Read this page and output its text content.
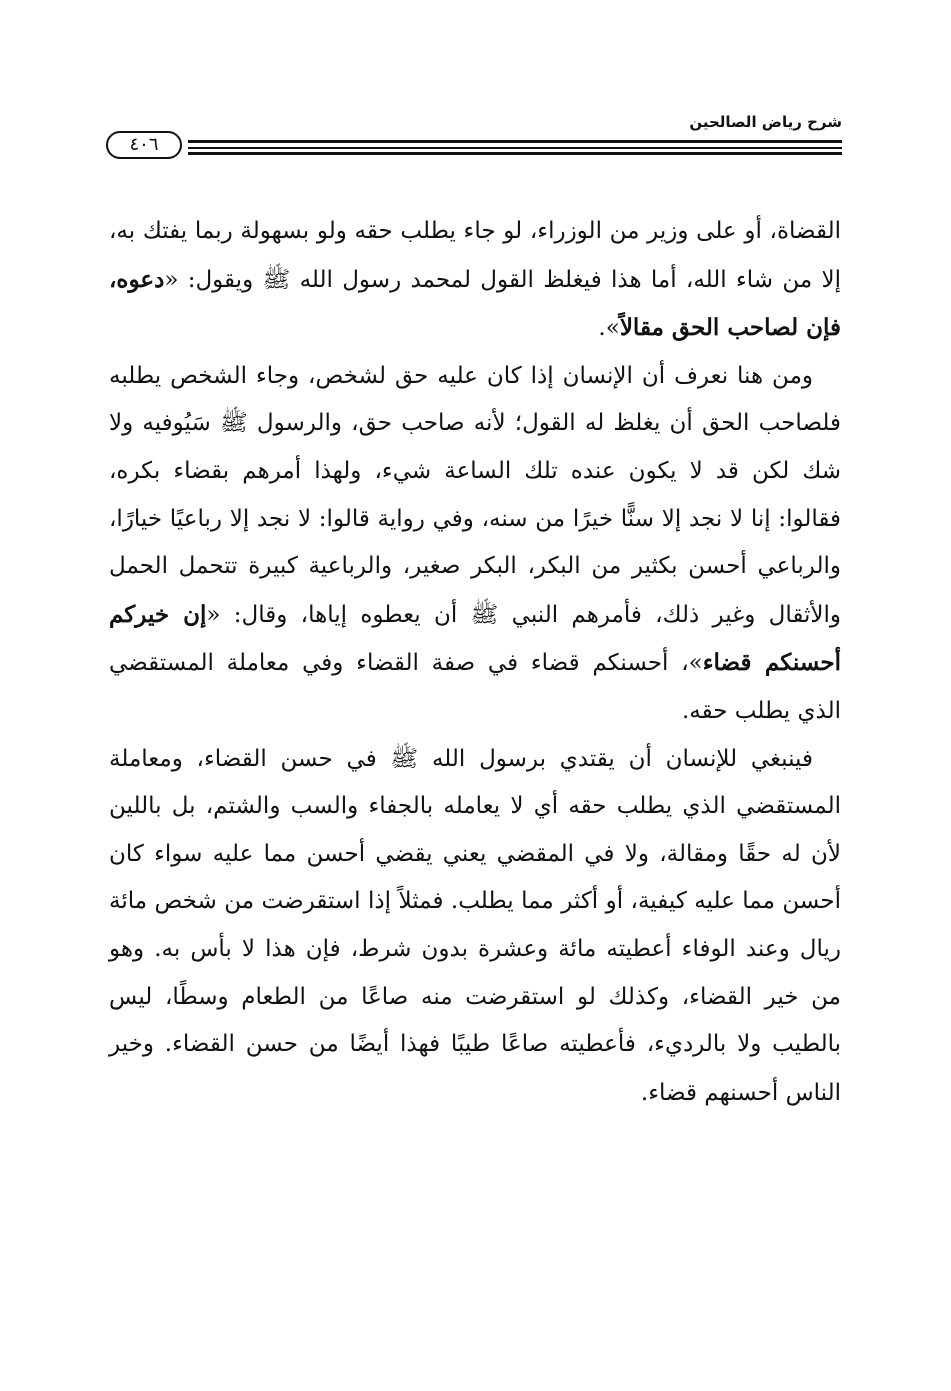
شرح رياض الصالحين
٤٠٦

القضاة، أو على وزير من الوزراء، لو جاء يطلب حقه ولو بسهولة ربما يفتك به، إلا من شاء الله، أما هذا فيغلظ القول لمحمد رسول الله ﷺ ويقول: «دعوه، فإن لصاحب الحق مقالاً».

ومن هنا نعرف أن الإنسان إذا كان عليه حق لشخص، وجاء الشخص يطلبه فلصاحب الحق أن يغلظ له القول؛ لأنه صاحب حق، والرسول ﷺ سَيُوفيه ولا شك لكن قد لا يكون عنده تلك الساعة شيء، ولهذا أمرهم بقضاء بكره، فقالوا: إنا لا نجد إلا سنًّا خيرًا من سنه، وفي رواية قالوا: لا نجد إلا رباعيًا خيارًا، والرباعي أحسن بكثير من البكر، البكر صغير، والرباعية كبيرة تتحمل الحمل والأثقال وغير ذلك، فأمرهم النبي ﷺ أن يعطوه إياها، وقال: «إن خيركم أحسنكم قضاء»، أحسنكم قضاء في صفة القضاء وفي معاملة المستقضي الذي يطلب حقه.

فينبغي للإنسان أن يقتدي برسول الله ﷺ في حسن القضاء، ومعاملة المستقضي الذي يطلب حقه أي لا يعامله بالجفاء والسب والشتم، بل باللين لأن له حقًا ومقالة، ولا في المقضي يعني يقضي أحسن مما عليه سواء كان أحسن مما عليه كيفية، أو أكثر مما يطلب. فمثلاً إذا استقرضت من شخص مائة ريال وعند الوفاء أعطيته مائة وعشرة بدون شرط، فإن هذا لا بأس به. وهو من خير القضاء، وكذلك لو استقرضت منه صاعًا من الطعام وسطًا، ليس بالطيب ولا بالرديء، فأعطيته صاعًا طيبًا فهذا أيضًا من حسن القضاء. وخير الناس أحسنهم قضاء.
